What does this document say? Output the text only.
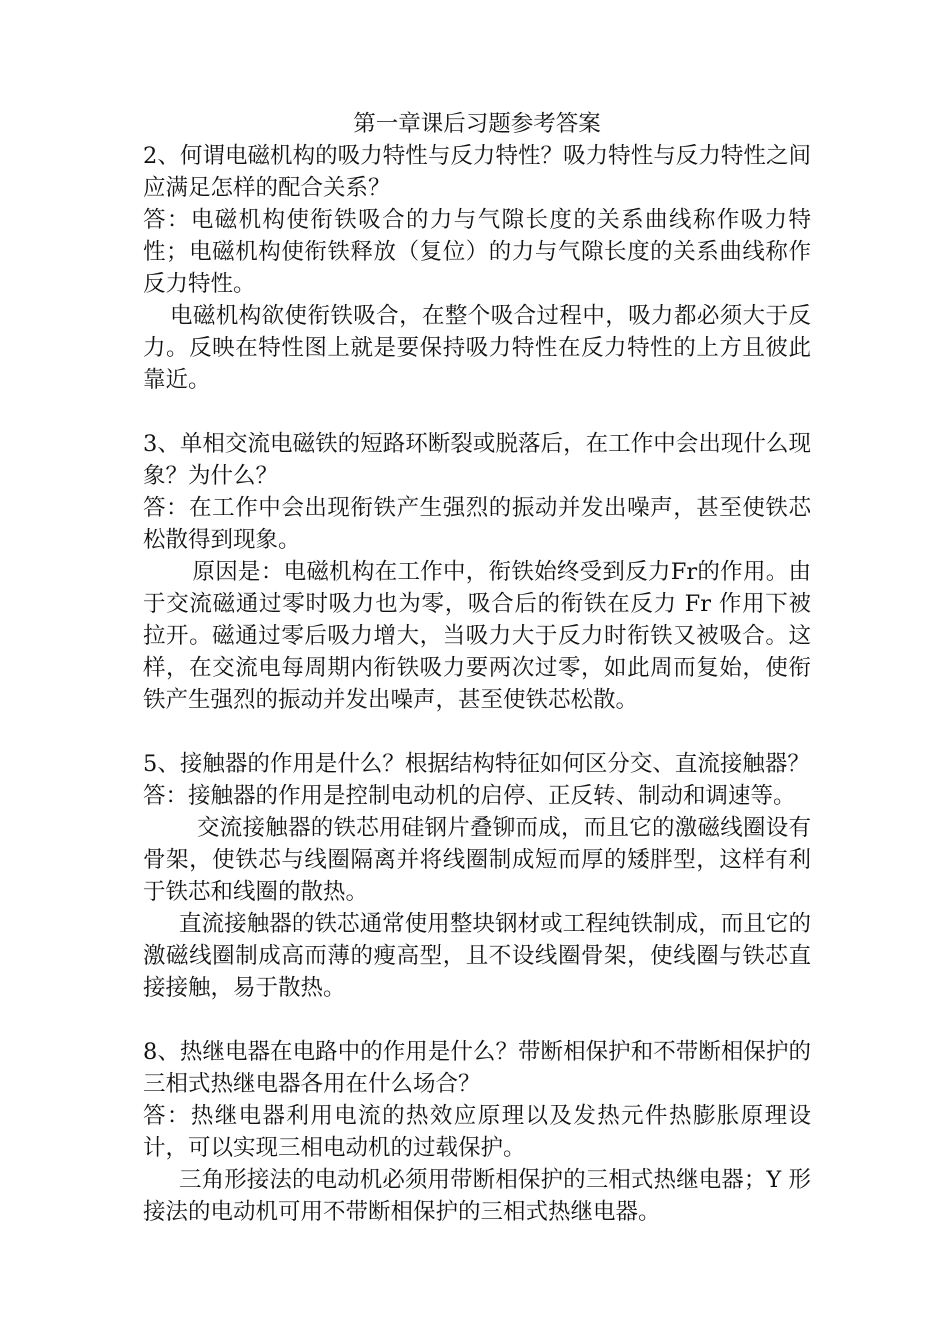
第一章课后习题参考答案

2、何谓电磁机构的吸力特性与反力特性？吸力特性与反力特性之间应满足怎样的配合关系？

答：电磁机构使衔铁吸合的力与气隙长度的关系曲线称作吸力特性；电磁机构使衔铁释放（复位）的力与气隙长度的关系曲线称作反力特性。

电磁机构欲使衔铁吸合，在整个吸合过程中，吸力都必须大于反力。反映在特性图上就是要保持吸力特性在反力特性的上方且彼此靠近。

3、单相交流电磁铁的短路环断裂或脱落后，在工作中会出现什么现象？为什么？

答：在工作中会出现衔铁产生强烈的振动并发出噪声，甚至使铁芯松散得到现象。

原因是：电磁机构在工作中，衔铁始终受到反力Fr的作用。由于交流磁通过零时吸力也为零，吸合后的衔铁在反力 Fr 作用下被拉开。磁通过零后吸力增大，当吸力大于反力时衔铁又被吸合。这样，在交流电每周期内衔铁吸力要两次过零，如此周而复始，使衔铁产生强烈的振动并发出噪声，甚至使铁芯松散。

5、接触器的作用是什么？根据结构特征如何区分交、直流接触器？

答：接触器的作用是控制电动机的启停、正反转、制动和调速等。

交流接触器的铁芯用硅钢片叠铆而成，而且它的激磁线圈设有骨架，使铁芯与线圈隔离并将线圈制成短而厚的矮胖型，这样有利于铁芯和线圈的散热。

直流接触器的铁芯通常使用整块钢材或工程纯铁制成，而且它的激磁线圈制成高而薄的瘦高型，且不设线圈骨架，使线圈与铁芯直接接触，易于散热。

8、热继电器在电路中的作用是什么？带断相保护和不带断相保护的三相式热继电器各用在什么场合？

答：热继电器利用电流的热效应原理以及发热元件热膨胀原理设计，可以实现三相电动机的过载保护。

三角形接法的电动机必须用带断相保护的三相式热继电器；Y 形接法的电动机可用不带断相保护的三相式热继电器。
